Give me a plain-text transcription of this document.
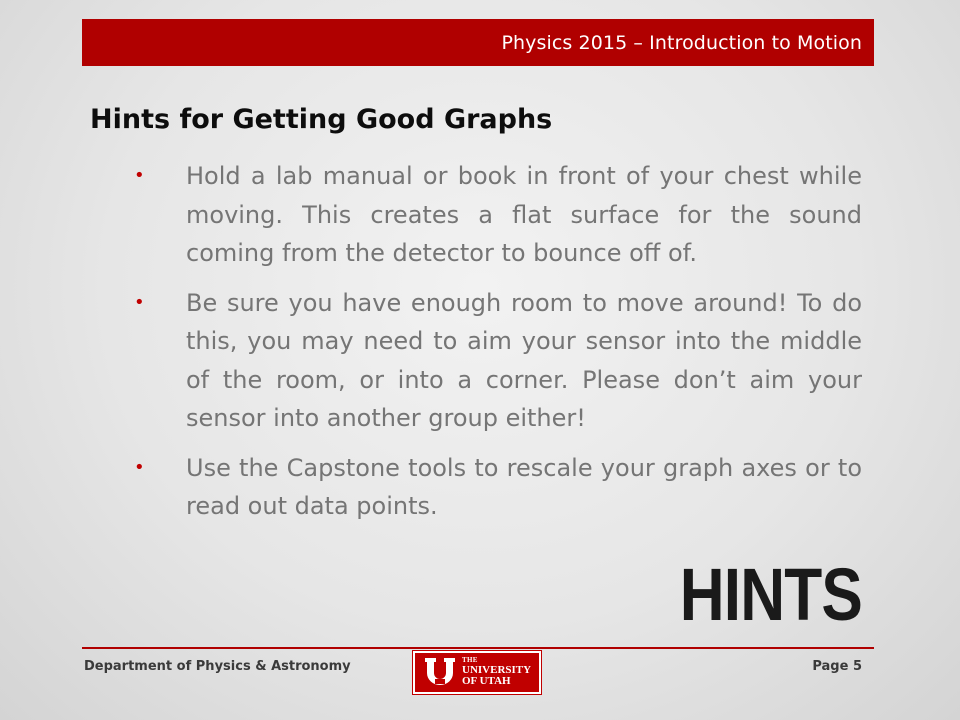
Physics 2015 – Introduction to Motion
Hints for Getting Good Graphs
•	Hold a lab manual or book in front of your chest while moving. This creates a flat surface for the sound coming from the detector to bounce off of.

•	Be sure you have enough room to move around! To do this, you may need to aim your sensor into the middle of the room, or into a corner. Please don’t aim your sensor into another group either!

•	Use the Capstone tools to rescale your graph axes or to read out data points.

HINTS
Department of Physics & Astronomy	THE
UNIVERSITY
OF UTAH
Page 5
